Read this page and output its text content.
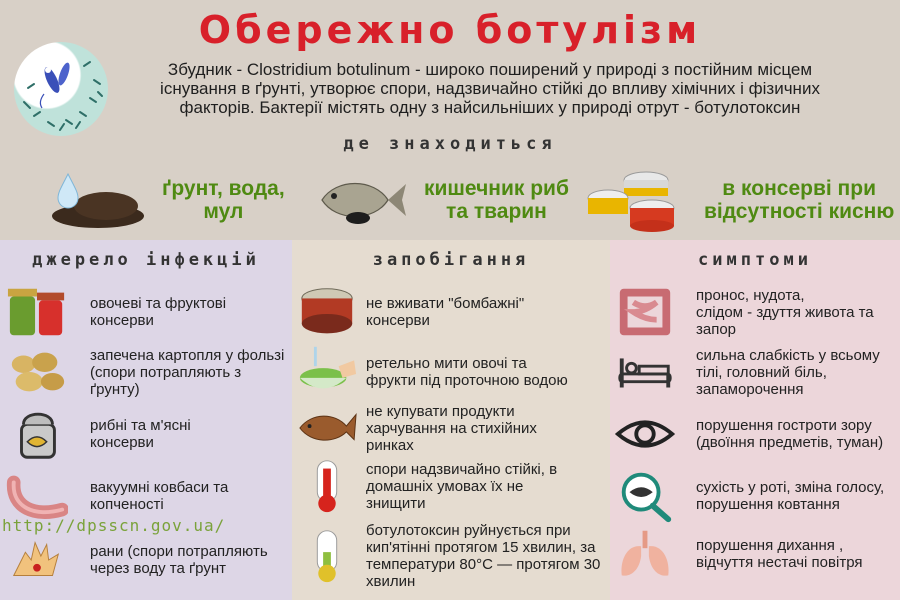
Обережно ботулізм
Збудник - Clostridium botulinum - широко поширений у природі з постійним місцем
існування в ґрунті, утворює спори, надзвичайно стійкі до впливу хімічних і фізичних
факторів. Бактерії містять одну з найсильніших у природі отрут - ботулотоксин
де знаходиться
ґрунт, вода,
мул
кишечник риб
та тварин
в консерві при
відсутності кисню
джерело інфекцій
овочеві та фруктові
консерви
запечена картопля у фользі
(спори потрапляють з
ґрунту)
рибні та м'ясні
консерви
вакуумні ковбаси та
копченості
рани (спори потрапляють
через воду та ґрунт
запобігання
не вживати "бомбажні"
консерви
ретельно мити овочі та
фрукти під проточною водою
не купувати продукти
харчування на стихійних
ринках
спори надзвичайно стійкі, в
домашніх умовах їх не
знищити
ботулотоксин руйнується при
кип'ятінні протягом 15 хвилин, за
температури 80°С — протягом 30
хвилин
симптоми
пронос, нудота,
слідом - здуття живота та
запор
сильна слабкість у всьому
тілі, головний біль,
запаморочення
порушення гостроти зору
(двоїння предметів, туман)
сухість у роті, зміна голосу,
порушення ковтання
порушення дихання ,
відчуття нестачі повітря
http://dpsscn.gov.ua/
